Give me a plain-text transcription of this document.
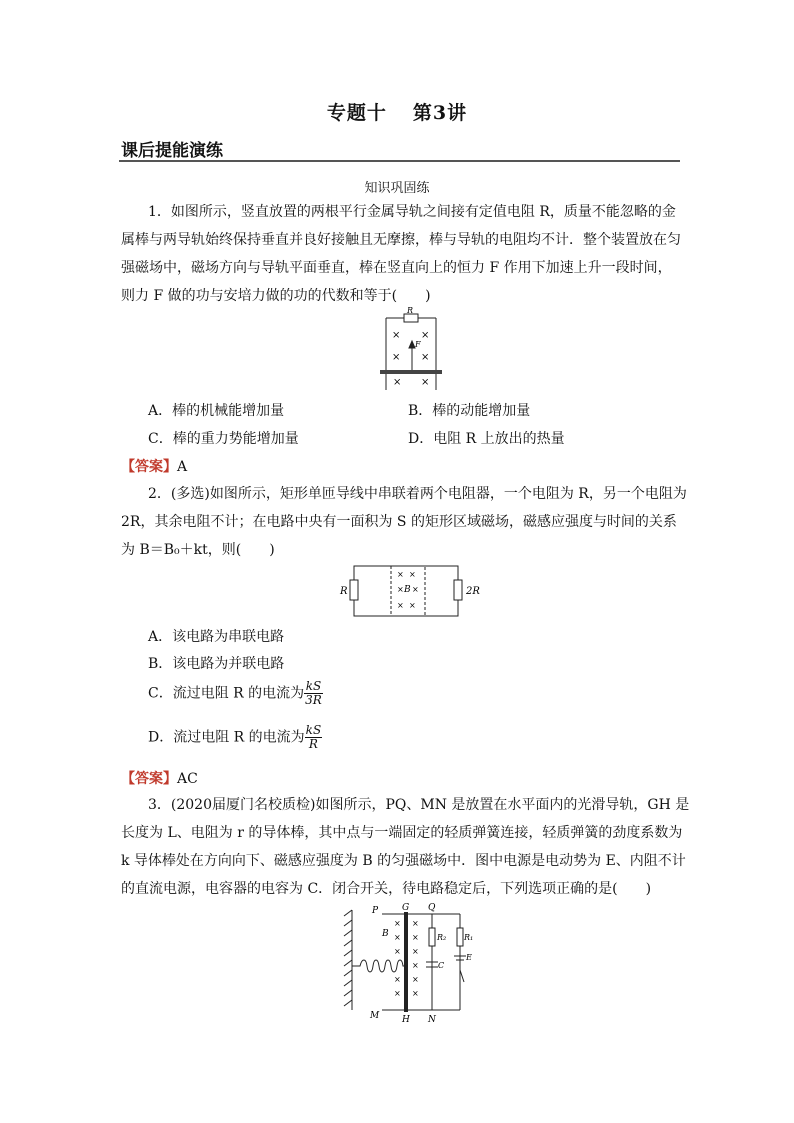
专题十 第3讲
课后提能演练
知识巩固练
1．如图所示，竖直放置的两根平行金属导轨之间接有定值电阻 R，质量不能忽略的金
属棒与两导轨始终保持垂直并良好接触且无摩擦，棒与导轨的电阻均不计．整个装置放在匀
强磁场中，磁场方向与导轨平面垂直，棒在竖直向上的恒力 F 作用下加速上升一段时间，
则力 F 做的功与安培力做的功的代数和等于(　　)
R
F
× ×
× ×
× ×
A．棒的机械能增加量	B．棒的动能增加量
C．棒的重力势能增加量	D．电阻 R 上放出的热量
【答案】A
2．(多选)如图所示，矩形单匝导线中串联着两个电阻器，一个电阻为 R，另一个电阻为
2R，其余电阻不计；在电路中央有一面积为 S 的矩形区域磁场，磁感应强度与时间的关系
为 B＝B₀＋kt，则(　　)
R	2R
B
× ×
× ×
× ×
A．该电路为串联电路
B．该电路为并联电路
C．流过电阻 R 的电流为 $\frac{kS}{3R}$
D．流过电阻 R 的电流为 $\frac{kS}{R}$
【答案】AC
3．(2020届厦门名校质检)如图所示，PQ、MN 是放置在水平面内的光滑导轨，GH 是
长度为 L、电阻为 r 的导体棒，其中点与一端固定的轻质弹簧连接，轻质弹簧的劲度系数为
k 导体棒处在方向向下、磁感应强度为 B 的匀强磁场中．图中电源是电动势为 E、内阻不计
的直流电源，电容器的电容为 C．闭合开关，待电路稳定后，下列选项正确的是(　　)
P	G Q
M	H N
B	R₂ R₁
C
E
×
×
×
×
×
×
×
×
×
×
×
